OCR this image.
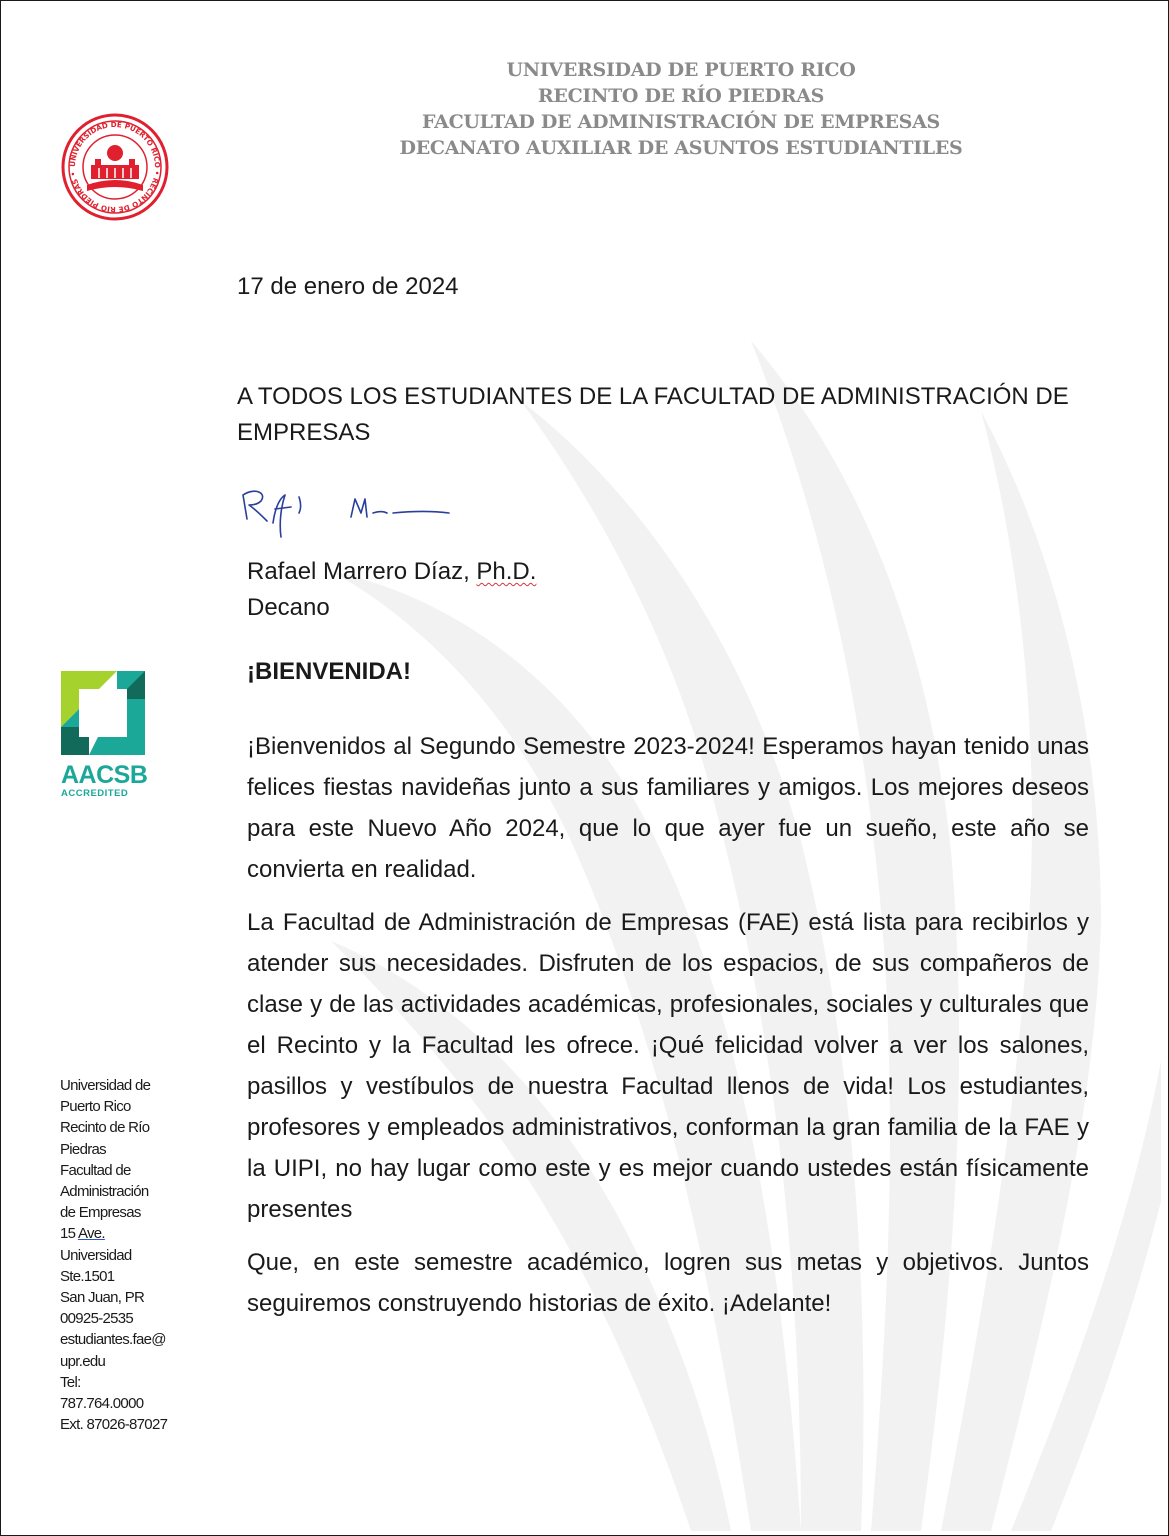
UNIVERSIDAD DE PUERTO RICO • RECINTO DE RÍO PIEDRAS •
UNIVERSIDAD DE PUERTO RICO
RECINTO DE RÍO PIEDRAS
FACULTAD DE ADMINISTRACIÓN DE EMPRESAS
DECANATO AUXILIAR DE ASUNTOS ESTUDIANTILES
17 de enero de 2024
A TODOS LOS ESTUDIANTES DE LA FACULTAD DE ADMINISTRACIÓN DE EMPRESAS
Rafael Marrero Díaz, Ph.D.
Decano
AACSB
ACCREDITED
¡BIENVENIDA!

¡Bienvenidos al Segundo Semestre 2023-2024! Esperamos hayan tenido unas felices fiestas navideñas junto a sus familiares y amigos. Los mejores deseos para este Nuevo Año 2024, que lo que ayer fue un sueño, este año se convierta en realidad.

La Facultad de Administración de Empresas (FAE) está lista para recibirlos y atender sus necesidades. Disfruten de los espacios, de sus compañeros de clase y de las actividades académicas, profesionales, sociales y culturales que el Recinto y la Facultad les ofrece. ¡Qué felicidad volver a ver los salones, pasillos y vestíbulos de nuestra Facultad llenos de vida! Los estudiantes, profesores y empleados administrativos, conforman la gran familia de la FAE y la UIPI, no hay lugar como este y es mejor cuando ustedes están físicamente presentes

Que, en este semestre académico, logren sus metas y objetivos. Juntos seguiremos construyendo historias de éxito. ¡Adelante!

Universidad de
Puerto Rico
Recinto de Río
Piedras
Facultad de
Administración
de Empresas
15 Ave.
Universidad
Ste.1501
San Juan, PR
00925-2535
estudiantes.fae@
upr.edu
Tel:
787.764.0000
Ext. 87026-87027
